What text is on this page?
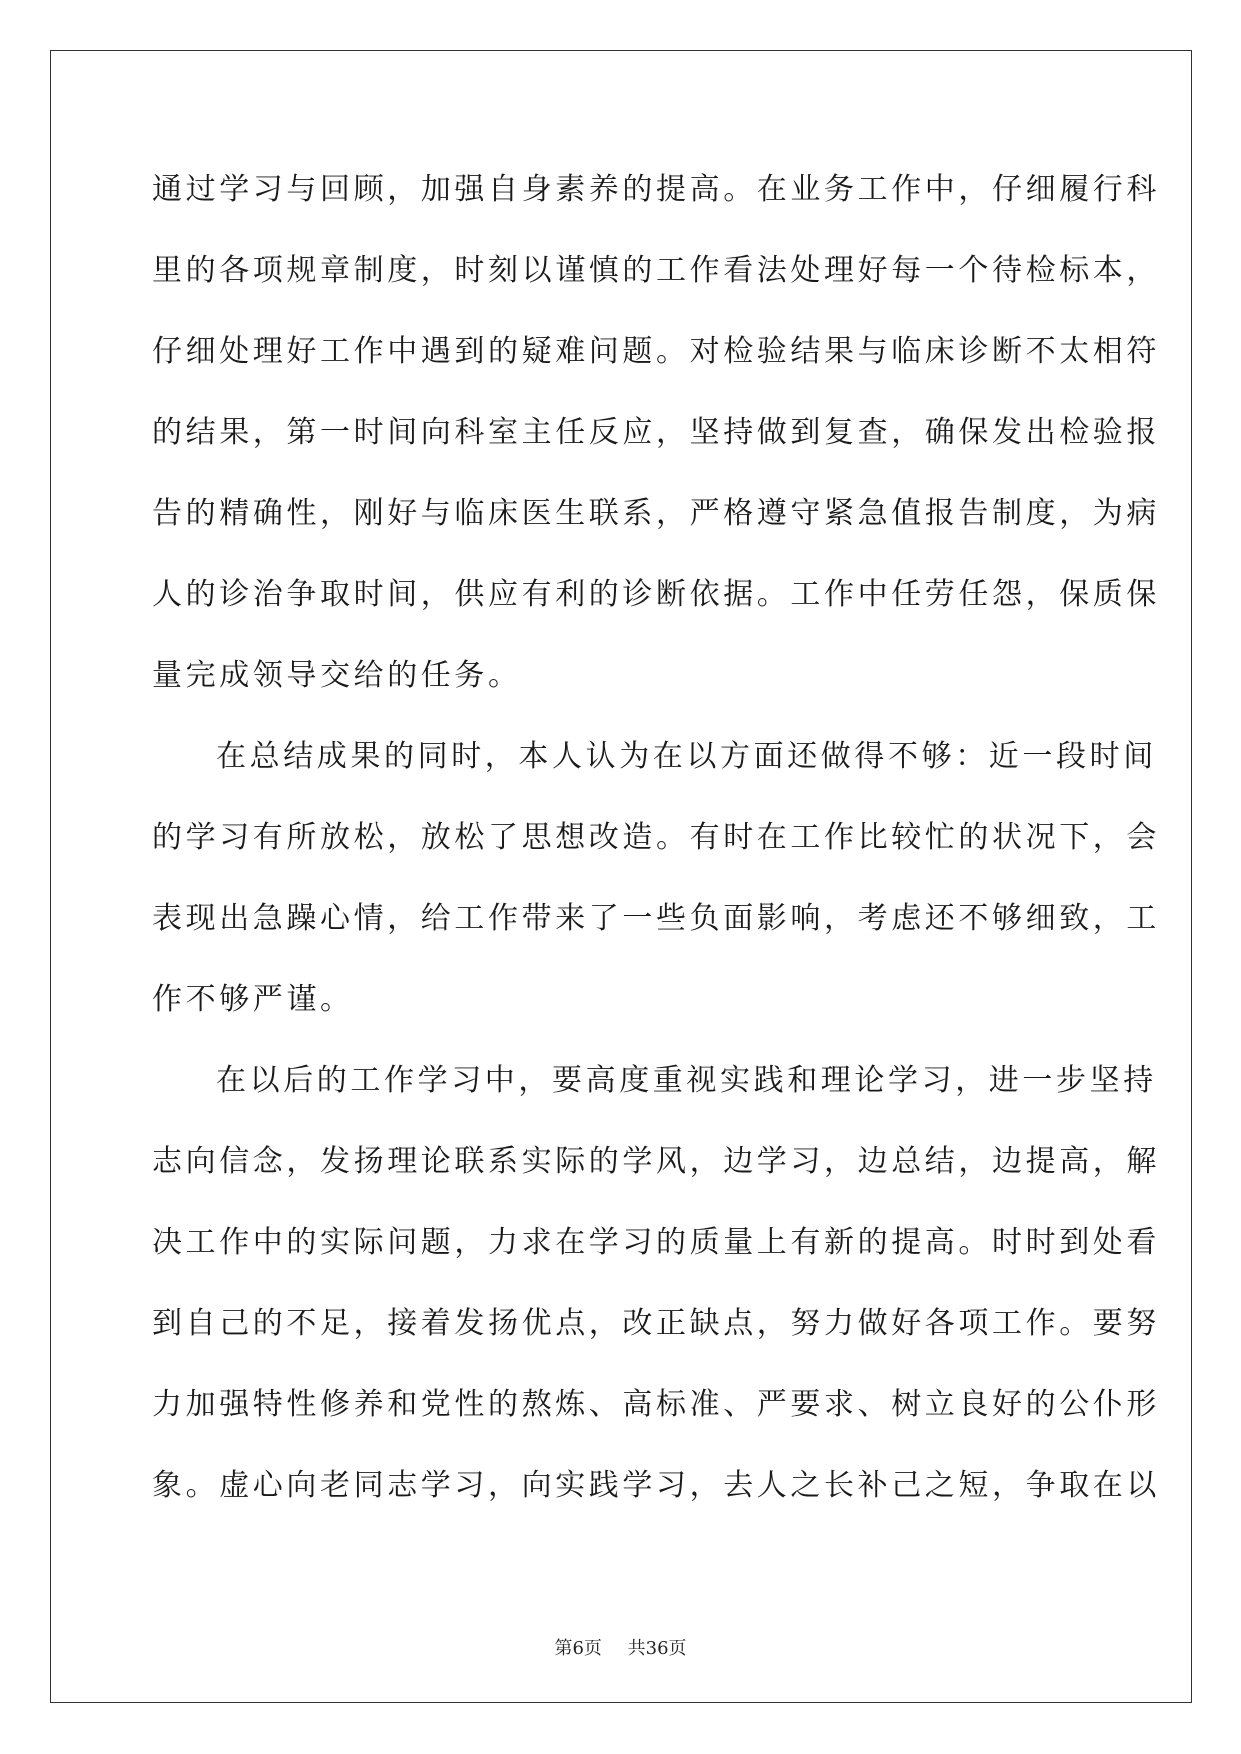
通过学习与回顾，加强自身素养的提高。在业务工作中，仔细履行科
里的各项规章制度，时刻以谨慎的工作看法处理好每一个待检标本，
仔细处理好工作中遇到的疑难问题。对检验结果与临床诊断不太相符
的结果，第一时间向科室主任反应，坚持做到复查，确保发出检验报
告的精确性，刚好与临床医生联系，严格遵守紧急值报告制度，为病
人的诊治争取时间，供应有利的诊断依据。工作中任劳任怨，保质保
量完成领导交给的任务。
在总结成果的同时，本人认为在以方面还做得不够：近一段时间
的学习有所放松，放松了思想改造。有时在工作比较忙的状况下，会
表现出急躁心情，给工作带来了一些负面影响，考虑还不够细致，工
作不够严谨。
在以后的工作学习中，要高度重视实践和理论学习，进一步坚持
志向信念，发扬理论联系实际的学风，边学习，边总结，边提高，解
决工作中的实际问题，力求在学习的质量上有新的提高。时时到处看
到自己的不足，接着发扬优点，改正缺点，努力做好各项工作。要努
力加强特性修养和党性的熬炼、高标准、严要求、树立良好的公仆形
象。虚心向老同志学习，向实践学习，去人之长补己之短，争取在以
第6页 共36页
